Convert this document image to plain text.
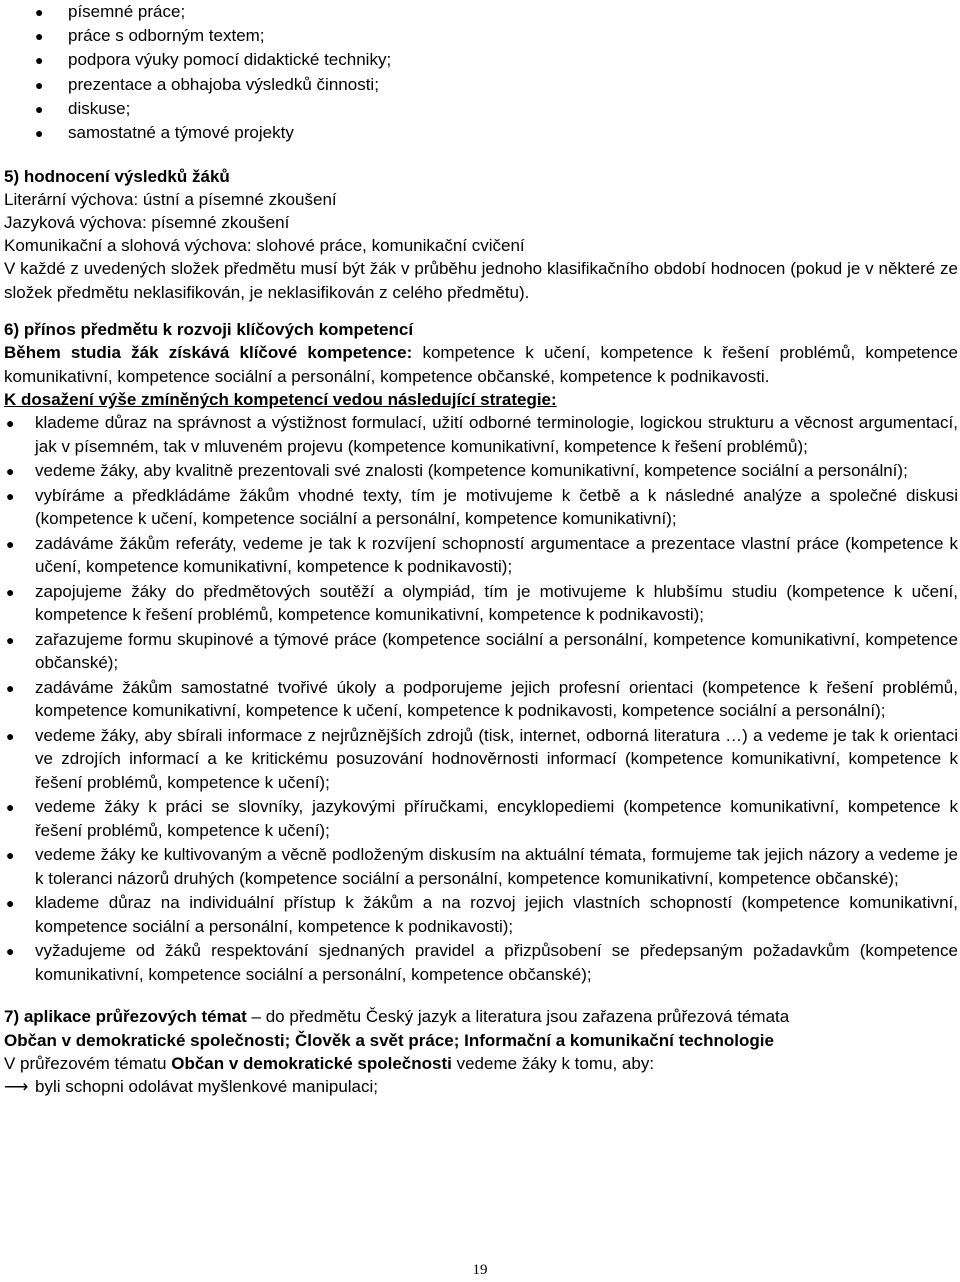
● písemné práce;
● práce s odborným textem;
● podpora výuky pomocí didaktické techniky;
● prezentace a obhajoba výsledků činnosti;
● diskuse;
● samostatné a týmové projekty

5) hodnocení výsledků žáků

Literární výchova: ústní a písemné zkoušení

Jazyková výchova: písemné zkoušení

Komunikační a slohová výchova: slohové práce, komunikační cvičení

V každé z uvedených složek předmětu musí být žák v průběhu jednoho klasifikačního období hodnocen (pokud je v některé ze složek předmětu neklasifikován, je neklasifikován z celého předmětu).

6) přínos předmětu k rozvoji klíčových kompetencí

Během studia žák získává klíčové kompetence: kompetence k učení, kompetence k řešení problémů, kompetence komunikativní, kompetence sociální a personální, kompetence občanské, kompetence k podnikavosti.

K dosažení výše zmíněných kompetencí vedou následující strategie:

● klademe důraz na správnost a výstižnost formulací, užití odborné terminologie, logickou strukturu a věcnost argumentací, jak v písemném, tak v mluveném projevu (kompetence komunikativní, kompetence k řešení problémů);
● vedeme žáky, aby kvalitně prezentovali své znalosti (kompetence komunikativní, kompetence sociální a personální);
● vybíráme a předkládáme žákům vhodné texty, tím je motivujeme k četbě a k následné analýze a společné diskusi (kompetence k učení, kompetence sociální a personální, kompetence komunikativní);
● zadáváme žákům referáty, vedeme je tak k rozvíjení schopností argumentace a prezentace vlastní práce (kompetence k učení, kompetence komunikativní, kompetence k podnikavosti);
● zapojujeme žáky do předmětových soutěží a olympiád, tím je motivujeme k hlubšímu studiu (kompetence k učení, kompetence k řešení problémů, kompetence komunikativní, kompetence k podnikavosti);
● zařazujeme formu skupinové a týmové práce (kompetence sociální a personální, kompetence komunikativní, kompetence občanské);
● zadáváme žákům samostatné tvořivé úkoly a podporujeme jejich profesní orientaci (kompetence k řešení problémů, kompetence komunikativní, kompetence k učení, kompetence k podnikavosti, kompetence sociální a personální);
● vedeme žáky, aby sbírali informace z nejrůznějších zdrojů (tisk, internet, odborná literatura …) a vedeme je tak k orientaci ve zdrojích informací a ke kritickému posuzování hodnověrnosti informací (kompetence komunikativní, kompetence k řešení problémů, kompetence k učení);
● vedeme žáky k práci se slovníky, jazykovými příručkami, encyklopediemi (kompetence komunikativní, kompetence k řešení problémů, kompetence k učení);
● vedeme žáky ke kultivovaným a věcně podloženým diskusím na aktuální témata, formujeme tak jejich názory a vedeme je k toleranci názorů druhých (kompetence sociální a personální, kompetence komunikativní, kompetence občanské);
● klademe důraz na individuální přístup k žákům a na rozvoj jejich vlastních schopností (kompetence komunikativní, kompetence sociální a personální, kompetence k podnikavosti);
● vyžadujeme od žáků respektování sjednaných pravidel a přizpůsobení se předepsaným požadavkům (kompetence komunikativní, kompetence sociální a personální, kompetence občanské);

7) aplikace průřezových témat – do předmětu Český jazyk a literatura jsou zařazena průřezová témata

Občan v demokratické společnosti; Člověk a svět práce; Informační a komunikační technologie

V průřezovém tématu Občan v demokratické společnosti vedeme žáky k tomu, aby:

⟶ byli schopni odolávat myšlenkové manipulaci;

19
